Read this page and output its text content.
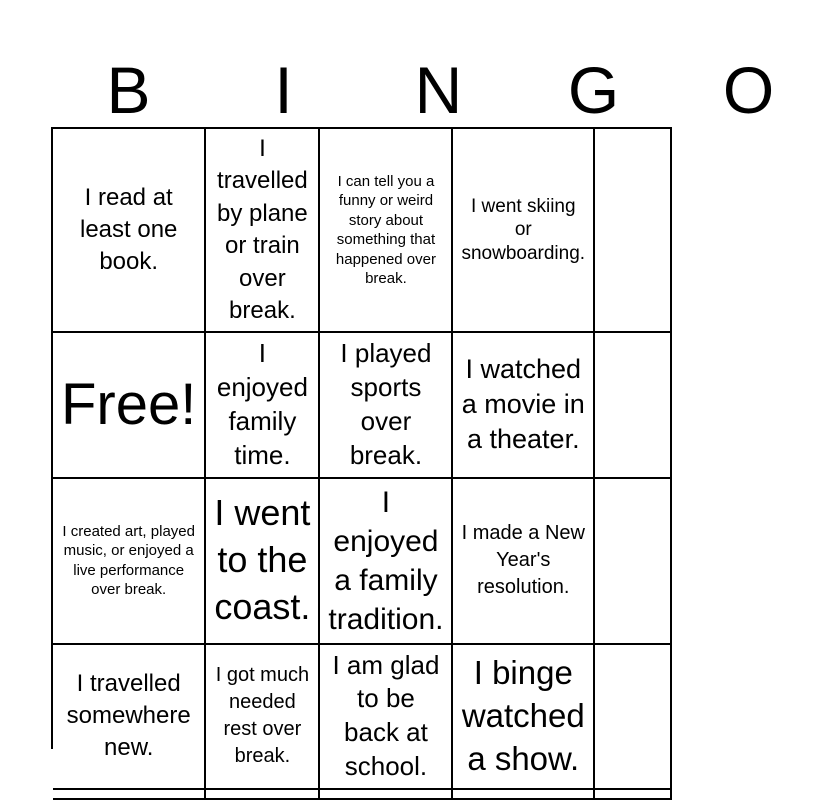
B	I	N	G	O
I read at least one book.
I travelled by plane or train over break.
I can tell you a funny or weird story about something that happened over break.
I went skiing or snowboarding.
Free!
I enjoyed family time.
I played sports over break.
I watched a movie in a theater.
I created art, played music, or enjoyed a live performance over break.
I went to the coast.
I enjoyed a family tradition.
I made a New Year's resolution.
I travelled somewhere new.
I got much needed rest over break.
I am glad to be back at school.
I binge watched a show.
